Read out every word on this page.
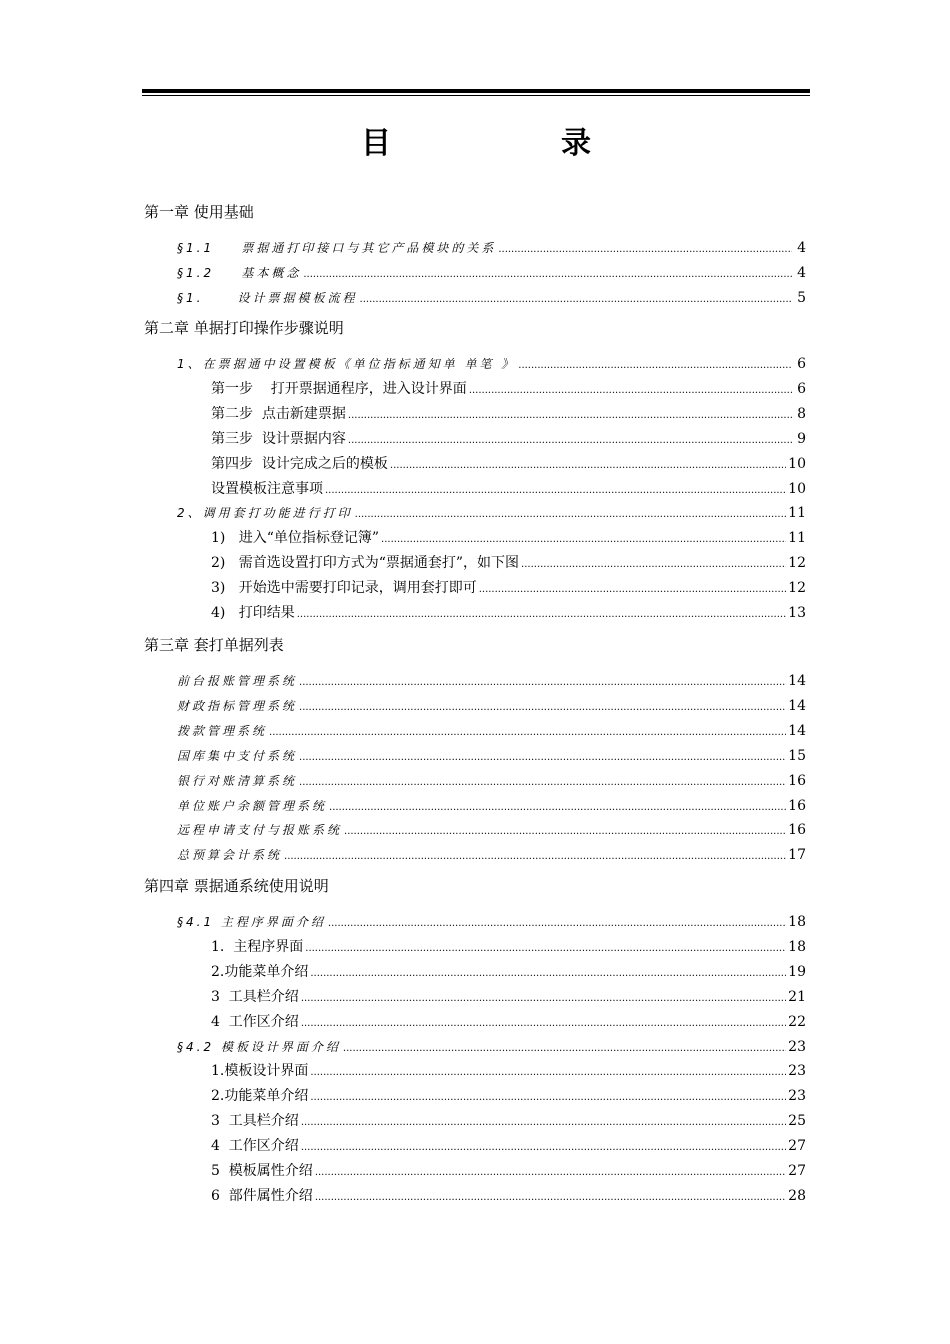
目　录
第一章 使用基础
§1.1    票据通打印接口与其它产品模块的关系 .....	4
§1.2    基本概念 .....	4
§1.     设计票据模板流程 .....	5
第二章 单据打印操作步骤说明
1、在票据通中设置模板《单位指标通知单 单笔 》 .....	6
第一步    打开票据通程序，进入设计界面 .....	6
第二步  点击新建票据 .....	8
第三步  设计票据内容 .....	9
第四步  设计完成之后的模板 .....	10
设置模板注意事项 .....	10
2、调用套打功能进行打印 .....	11
1)   进入“单位指标登记簿” .....	11
2)   需首选设置打印方式为“票据通套打”，如下图 .....	12
3)   开始选中需要打印记录，调用套打即可 .....	12
4)   打印结果 .....	13
第三章 套打单据列表
前台报账管理系统 .....	14
财政指标管理系统 .....	14
拨款管理系统 .....	14
国库集中支付系统 .....	15
银行对账清算系统 .....	16
单位账户余额管理系统 .....	16
远程申请支付与报账系统 .....	16
总预算会计系统 .....	17
第四章 票据通系统使用说明
§4.1 主程序界面介绍 .....	18
1.  主程序界面 .....	18
2.功能菜单介绍 .....	19
3  工具栏介绍 .....	21
4  工作区介绍 .....	22
§4.2 模板设计界面介绍 .....	23
1.模板设计界面 .....	23
2.功能菜单介绍 .....	23
3  工具栏介绍 .....	25
4  工作区介绍 .....	27
5  模板属性介绍 .....	27
6  部件属性介绍 .....	28
